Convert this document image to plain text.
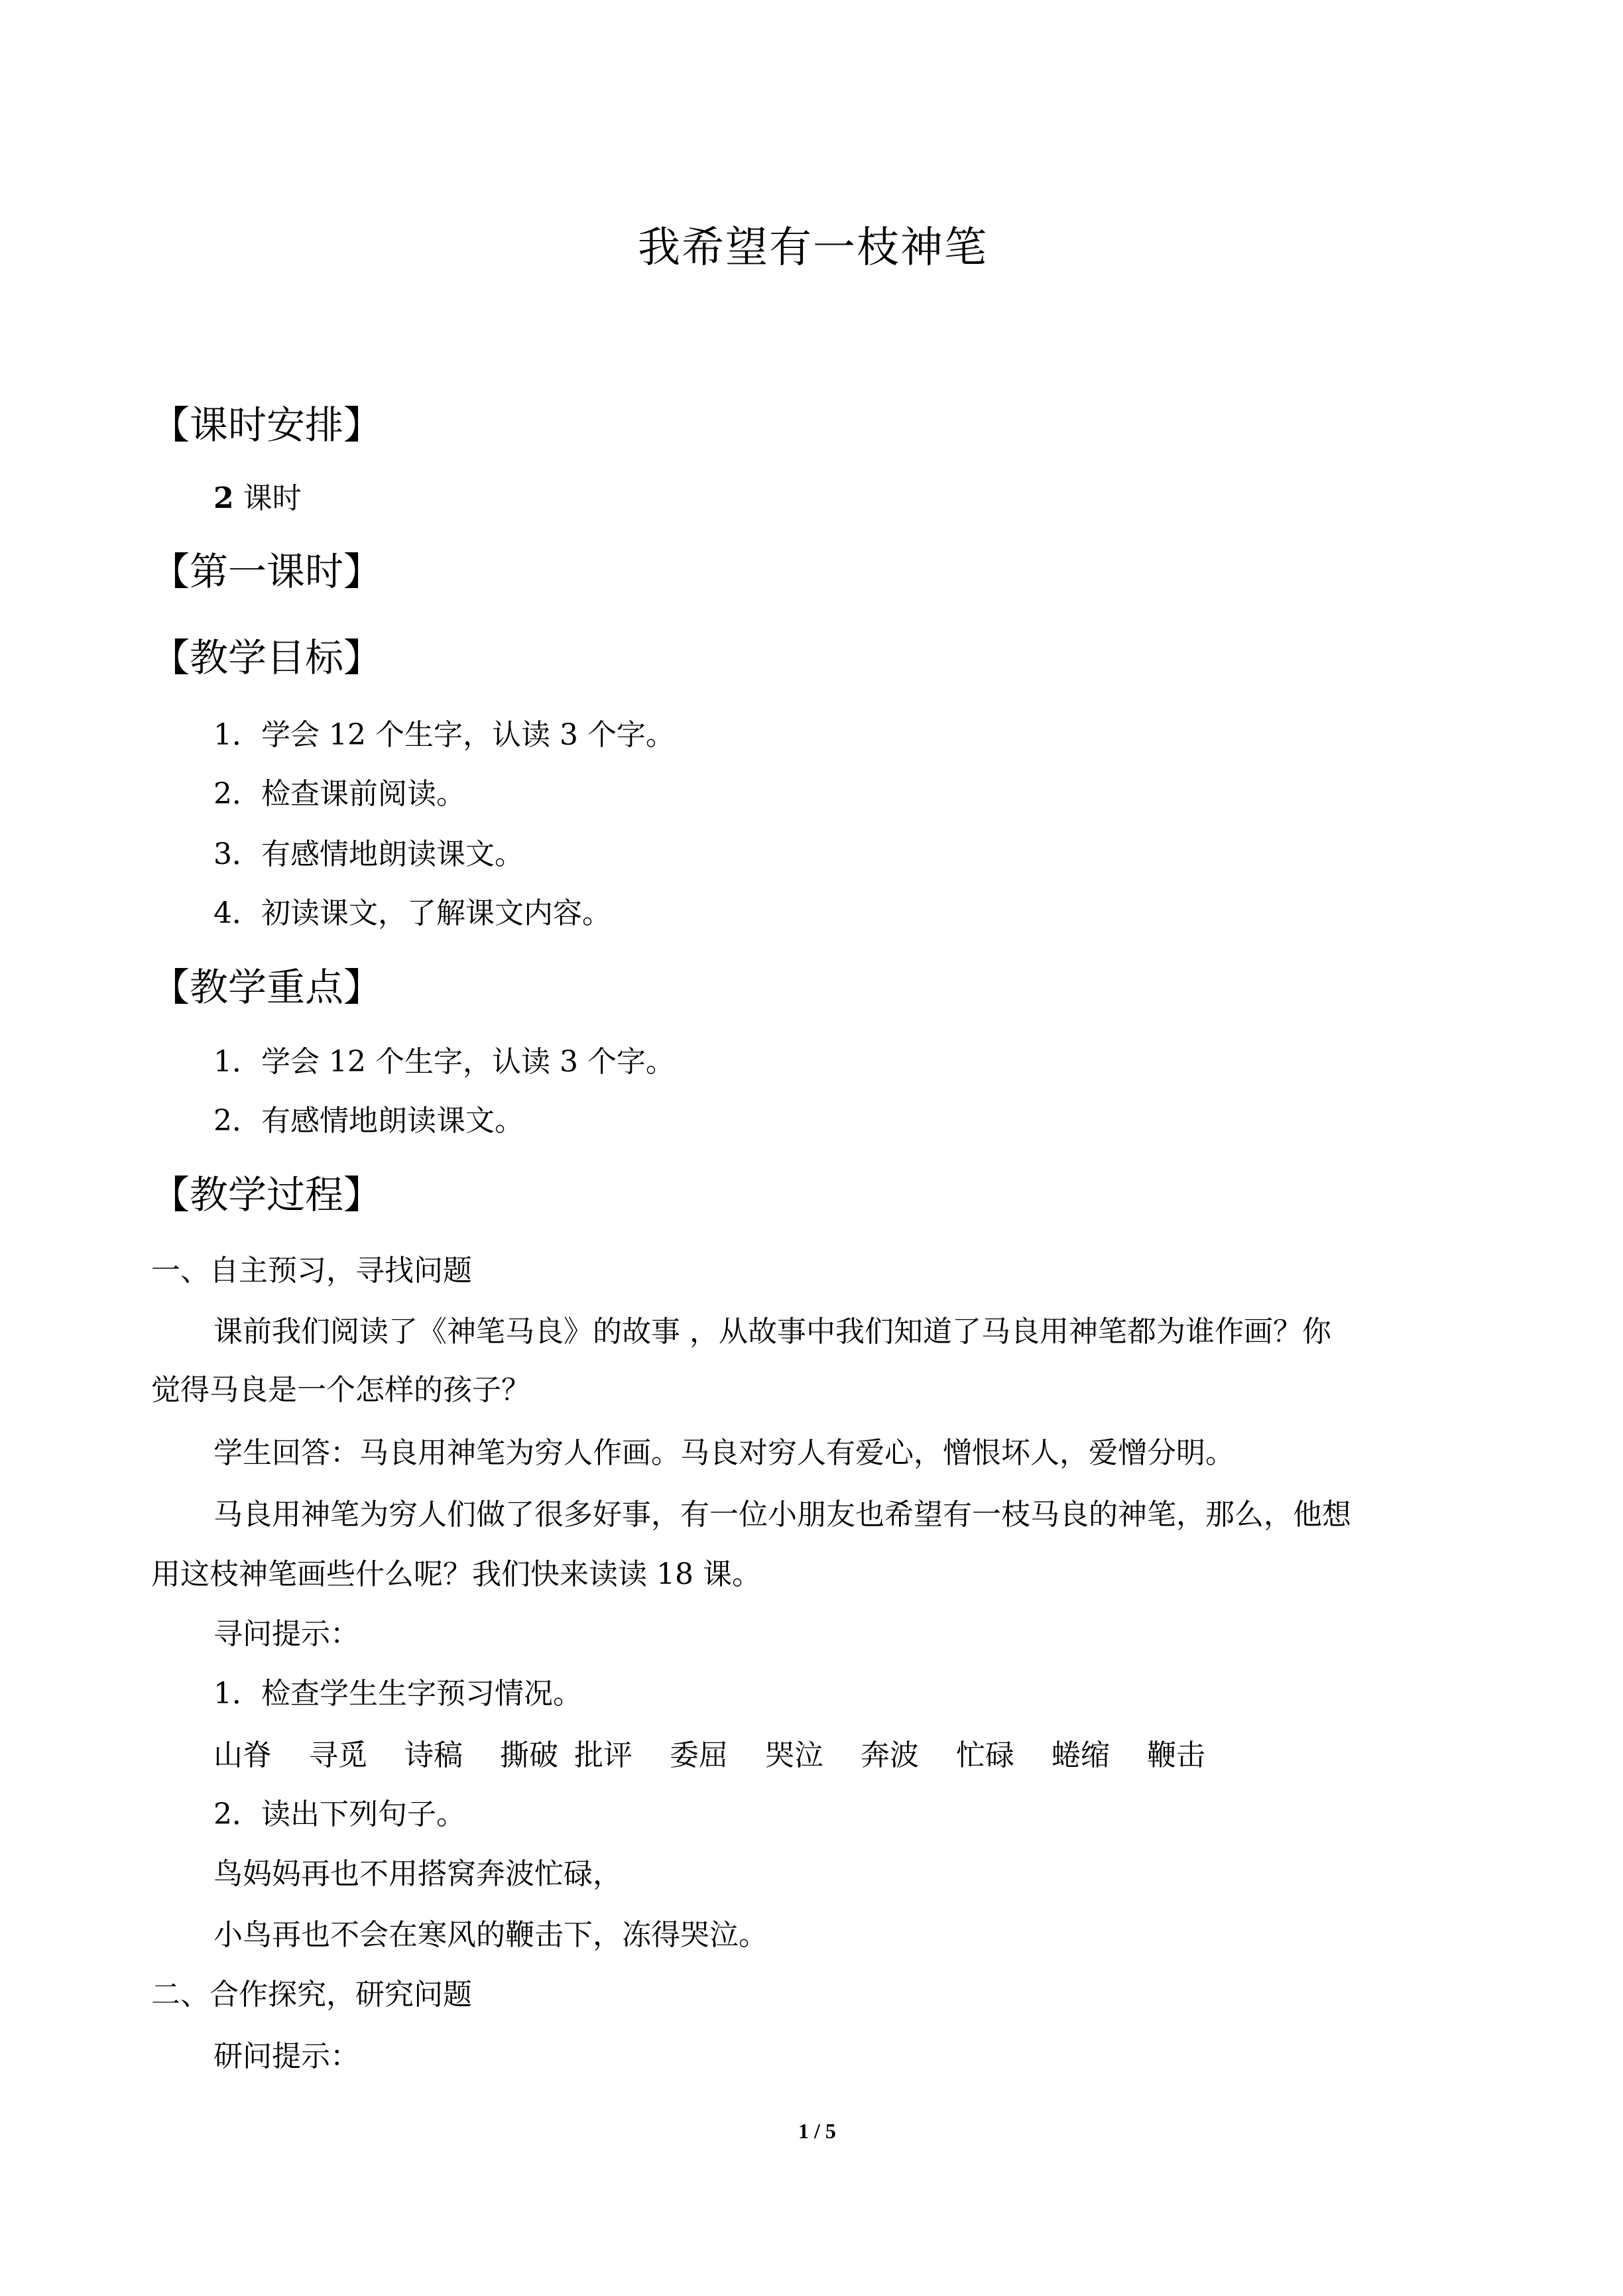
我希望有一枝神笔
【课时安排】
2 课时
【第一课时】
【教学目标】
1．学会 12 个生字，认读 3 个字。
2．检查课前阅读。
3．有感情地朗读课文。
4．初读课文，了解课文内容。
【教学重点】
1．学会 12 个生字，认读 3 个字。
2．有感情地朗读课文。
【教学过程】
一、自主预习，寻找问题
课前我们阅读了《神笔马良》的故事 ，从故事中我们知道了马良用神笔都为谁作画？你
觉得马良是一个怎样的孩子？
学生回答：马良用神笔为穷人作画。马良对穷人有爱心，憎恨坏人，爱憎分明。
马良用神笔为穷人们做了很多好事，有一位小朋友也希望有一枝马良的神笔，那么，他想
用这枝神笔画些什么呢？我们快来读读 18 课。
寻问提示：
1．检查学生生字预习情况。
山脊 寻觅 诗稿 撕破 批评 委屈 哭泣 奔波 忙碌 蜷缩 鞭击
2．读出下列句子。
鸟妈妈再也不用搭窝奔波忙碌，
小鸟再也不会在寒风的鞭击下，冻得哭泣。
二、合作探究，研究问题
研问提示：
1 / 5
